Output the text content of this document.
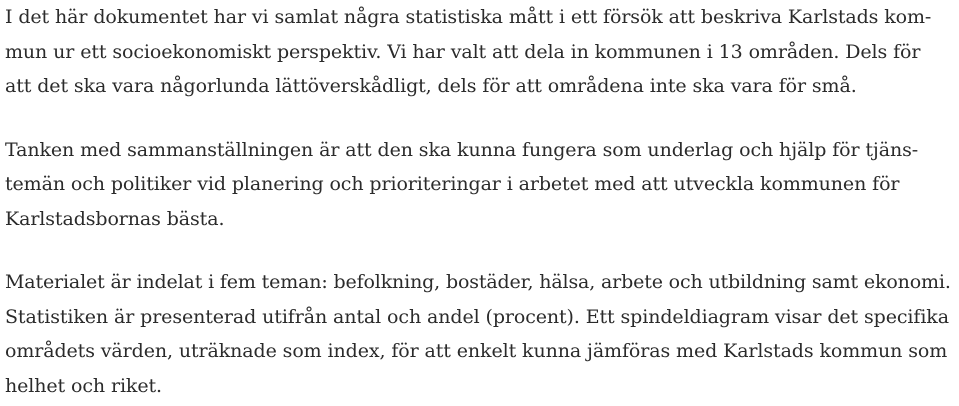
I det här dokumentet har vi samlat några statistiska mått i ett försök att beskriva Karlstads kom-
mun ur ett socioekonomiskt perspektiv. Vi har valt att dela in kommunen i 13 områden. Dels för
att det ska vara någorlunda lättöverskådligt, dels för att områdena inte ska vara för små.

Tanken med sammanställningen är att den ska kunna fungera som underlag och hjälp för tjäns-
temän och politiker vid planering och prioriteringar i arbetet med att utveckla kommunen för
Karlstadsbornas bästa.

Materialet är indelat i fem teman: befolkning, bostäder, hälsa, arbete och utbildning samt ekonomi.
Statistiken är presenterad utifrån antal och andel (procent). Ett spindeldiagram visar det specifika
områdets värden, uträknade som index, för att enkelt kunna jämföras med Karlstads kommun som
helhet och riket.
